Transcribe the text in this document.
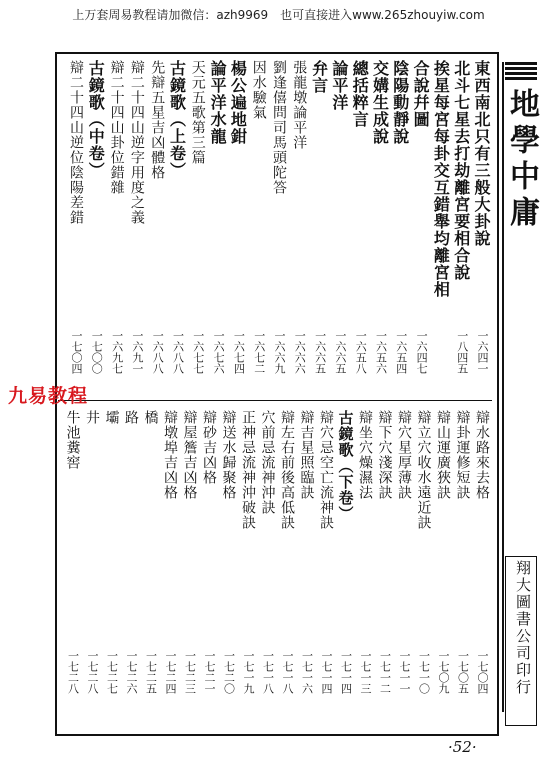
上万套周易教程请加微信：azh9969　也可直接进入www.265zhouyiw.com
東西南北只有三般大卦說
一六四一
北斗七星去打劫離宮要相合說
一八四五
挨星每宮每卦交互錯舉均離宮相
合說幷圖
一六四七
陰陽動靜說
一六五四
交媾生成說
一六五六
總括粹言
一六五八
論平洋
一六六五
弁言
一六六五
張龍墩論平洋
一六六六
劉逢僖問司馬頭陀答
一六六九
因水驗氣
一六七二
楊公遍地鉗
一六七四
論平洋水龍
一六七六
天元五歌第三篇
一六七七
古鏡歌（上卷）
一六八八
先辯五星吉凶體格
一六八八
辯二十四山逆字用度之義
一六九一
辯二十四山卦位錯雜
一六九七
古鏡歌（中卷）
一七〇〇
辯二十四山逆位陰陽差錯
一七〇四
辯水路來去格
一七〇四
辯卦運修短訣
一七〇五
辯山運廣狹訣
一七〇九
辯立穴收水遠近訣
一七一〇
辯穴星厚薄訣
一七一一
辯下穴淺深訣
一七一二
辯坐穴燥濕法
一七一三
古鏡歌（下卷）
一七一四
辯穴忌空亡流神訣
一七一四
辯吉星照臨訣
一七一六
辯左右前後高低訣
一七一八
穴前忌流神沖訣
一七一八
正神忌流神沖破訣
一七一九
辯送水歸聚格
一七二〇
辯砂吉凶格
一七二一
辯屋簷吉凶格
一七二三
辯墩埠吉凶格
一七二四
橋
一七二五
路
一七二六
壩
一七二七
井
一七二八
牛池糞窖
一七二八
地學中庸
翔大圖書公司印行
九易教程
·52·
